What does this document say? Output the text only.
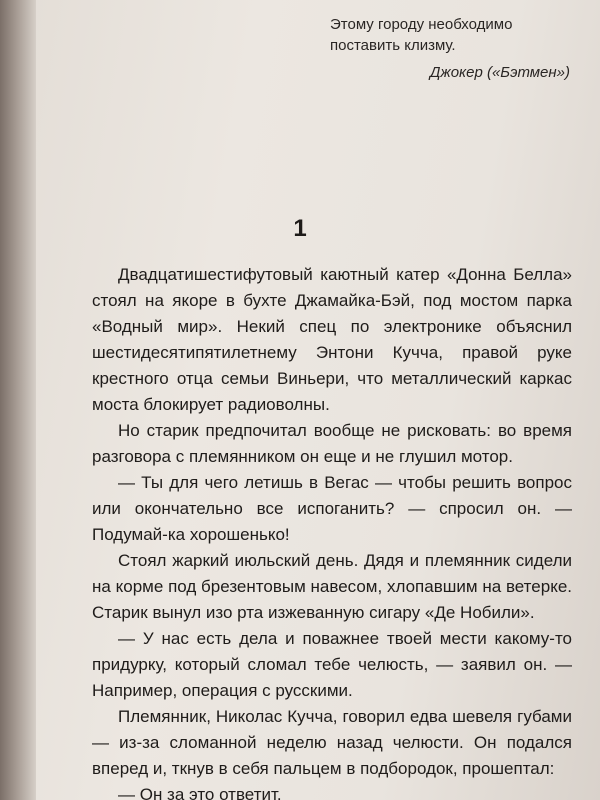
Этому городу необходимо поставить клизму.

Джокер («Бэтмен»)
1

Двадцатишестифутовый каютный катер «Донна Белла» стоял на якоре в бухте Джамайка-Бэй, под мостом парка «Водный мир». Некий спец по электронике объяснил шестидесятипятилетнему Энтони Кучча, правой руке крестного отца семьи Виньери, что металлический каркас моста блокирует радиоволны.

Но старик предпочитал вообще не рисковать: во время разговора с племянником он еще и не глушил мотор.

— Ты для чего летишь в Вегас — чтобы решить вопрос или окончательно все испоганить? — спросил он. — Подумай-ка хорошенько!

Стоял жаркий июльский день. Дядя и племянник сидели на корме под брезентовым навесом, хлопавшим на ветерке. Старик вынул изо рта изжеванную сигару «Де Нобили».

— У нас есть дела и поважнее твоей мести какому-то придурку, который сломал тебе челюсть, — заявил он. — Например, операция с русскими.

Племянник, Николас Кучча, говорил едва шевеля губами — из-за сломанной неделю назад челюсти. Он подался вперед и, ткнув в себя пальцем в подбородок, прошептал:

— Он за это ответит.
